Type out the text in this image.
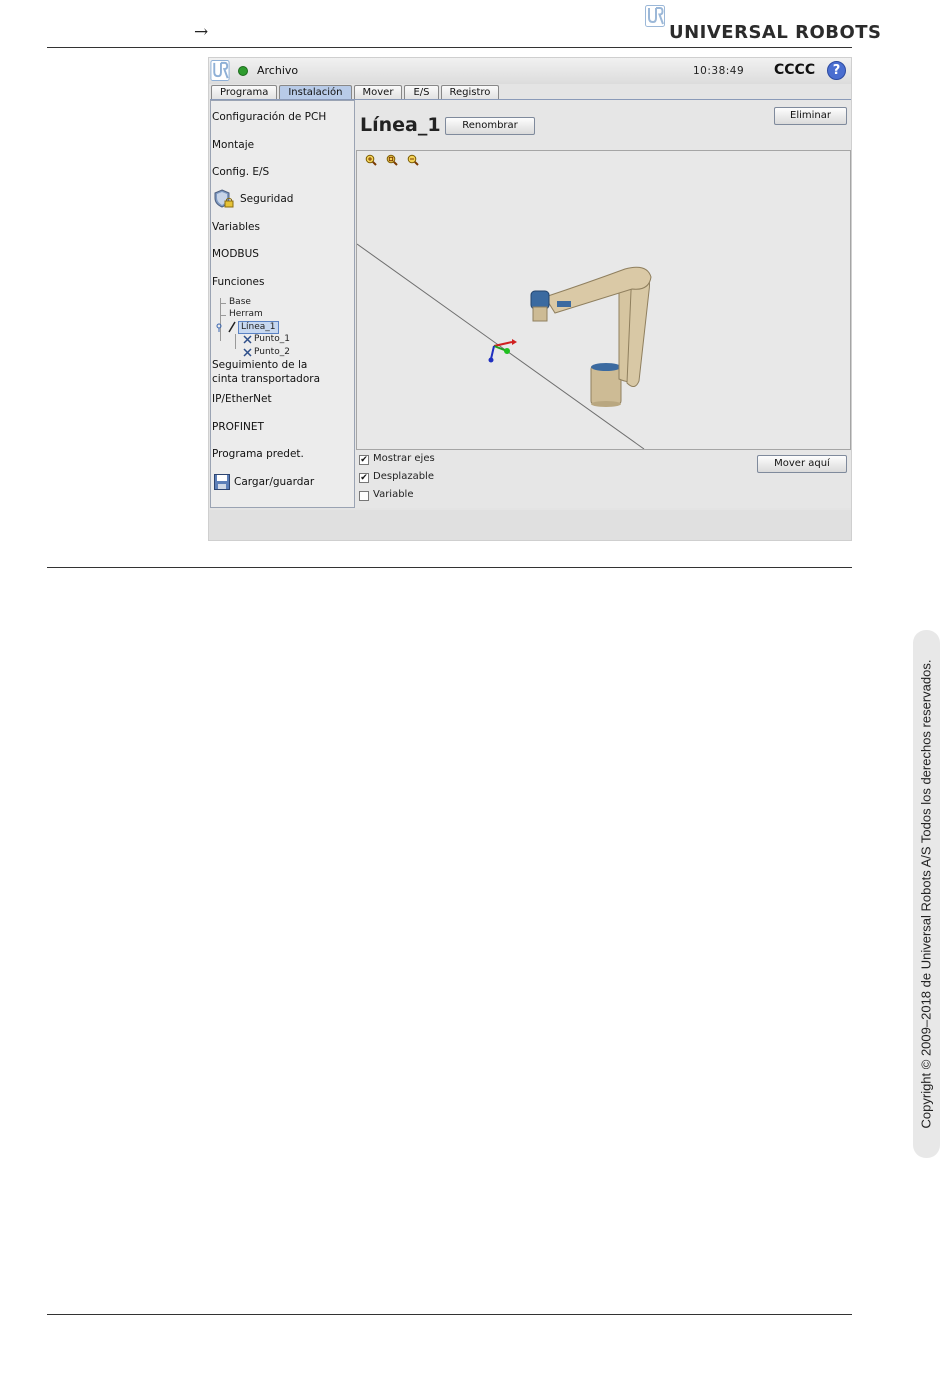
→	UNIVERSAL ROBOTS
Archivo	10:38:49 CCCC	?
Programa	Instalación	Mover	E/S	Registro
Configuración de PCH
Montaje
Config. E/S
Seguridad
Variables
MODBUS
Funciones
Base
Herram
Línea_1
Punto_1
Punto_2
Seguimiento de la
cinta transportadora
IP/EtherNet
PROFINET
Programa predet.
Cargar/guardar
Línea_1	Renombrar
Eliminar
✔ Mostrar ejes
✔ Desplazable
Variable
Mover aquí
Copyright © 2009–2018 de Universal Robots A/S Todos los derechos reservados.
